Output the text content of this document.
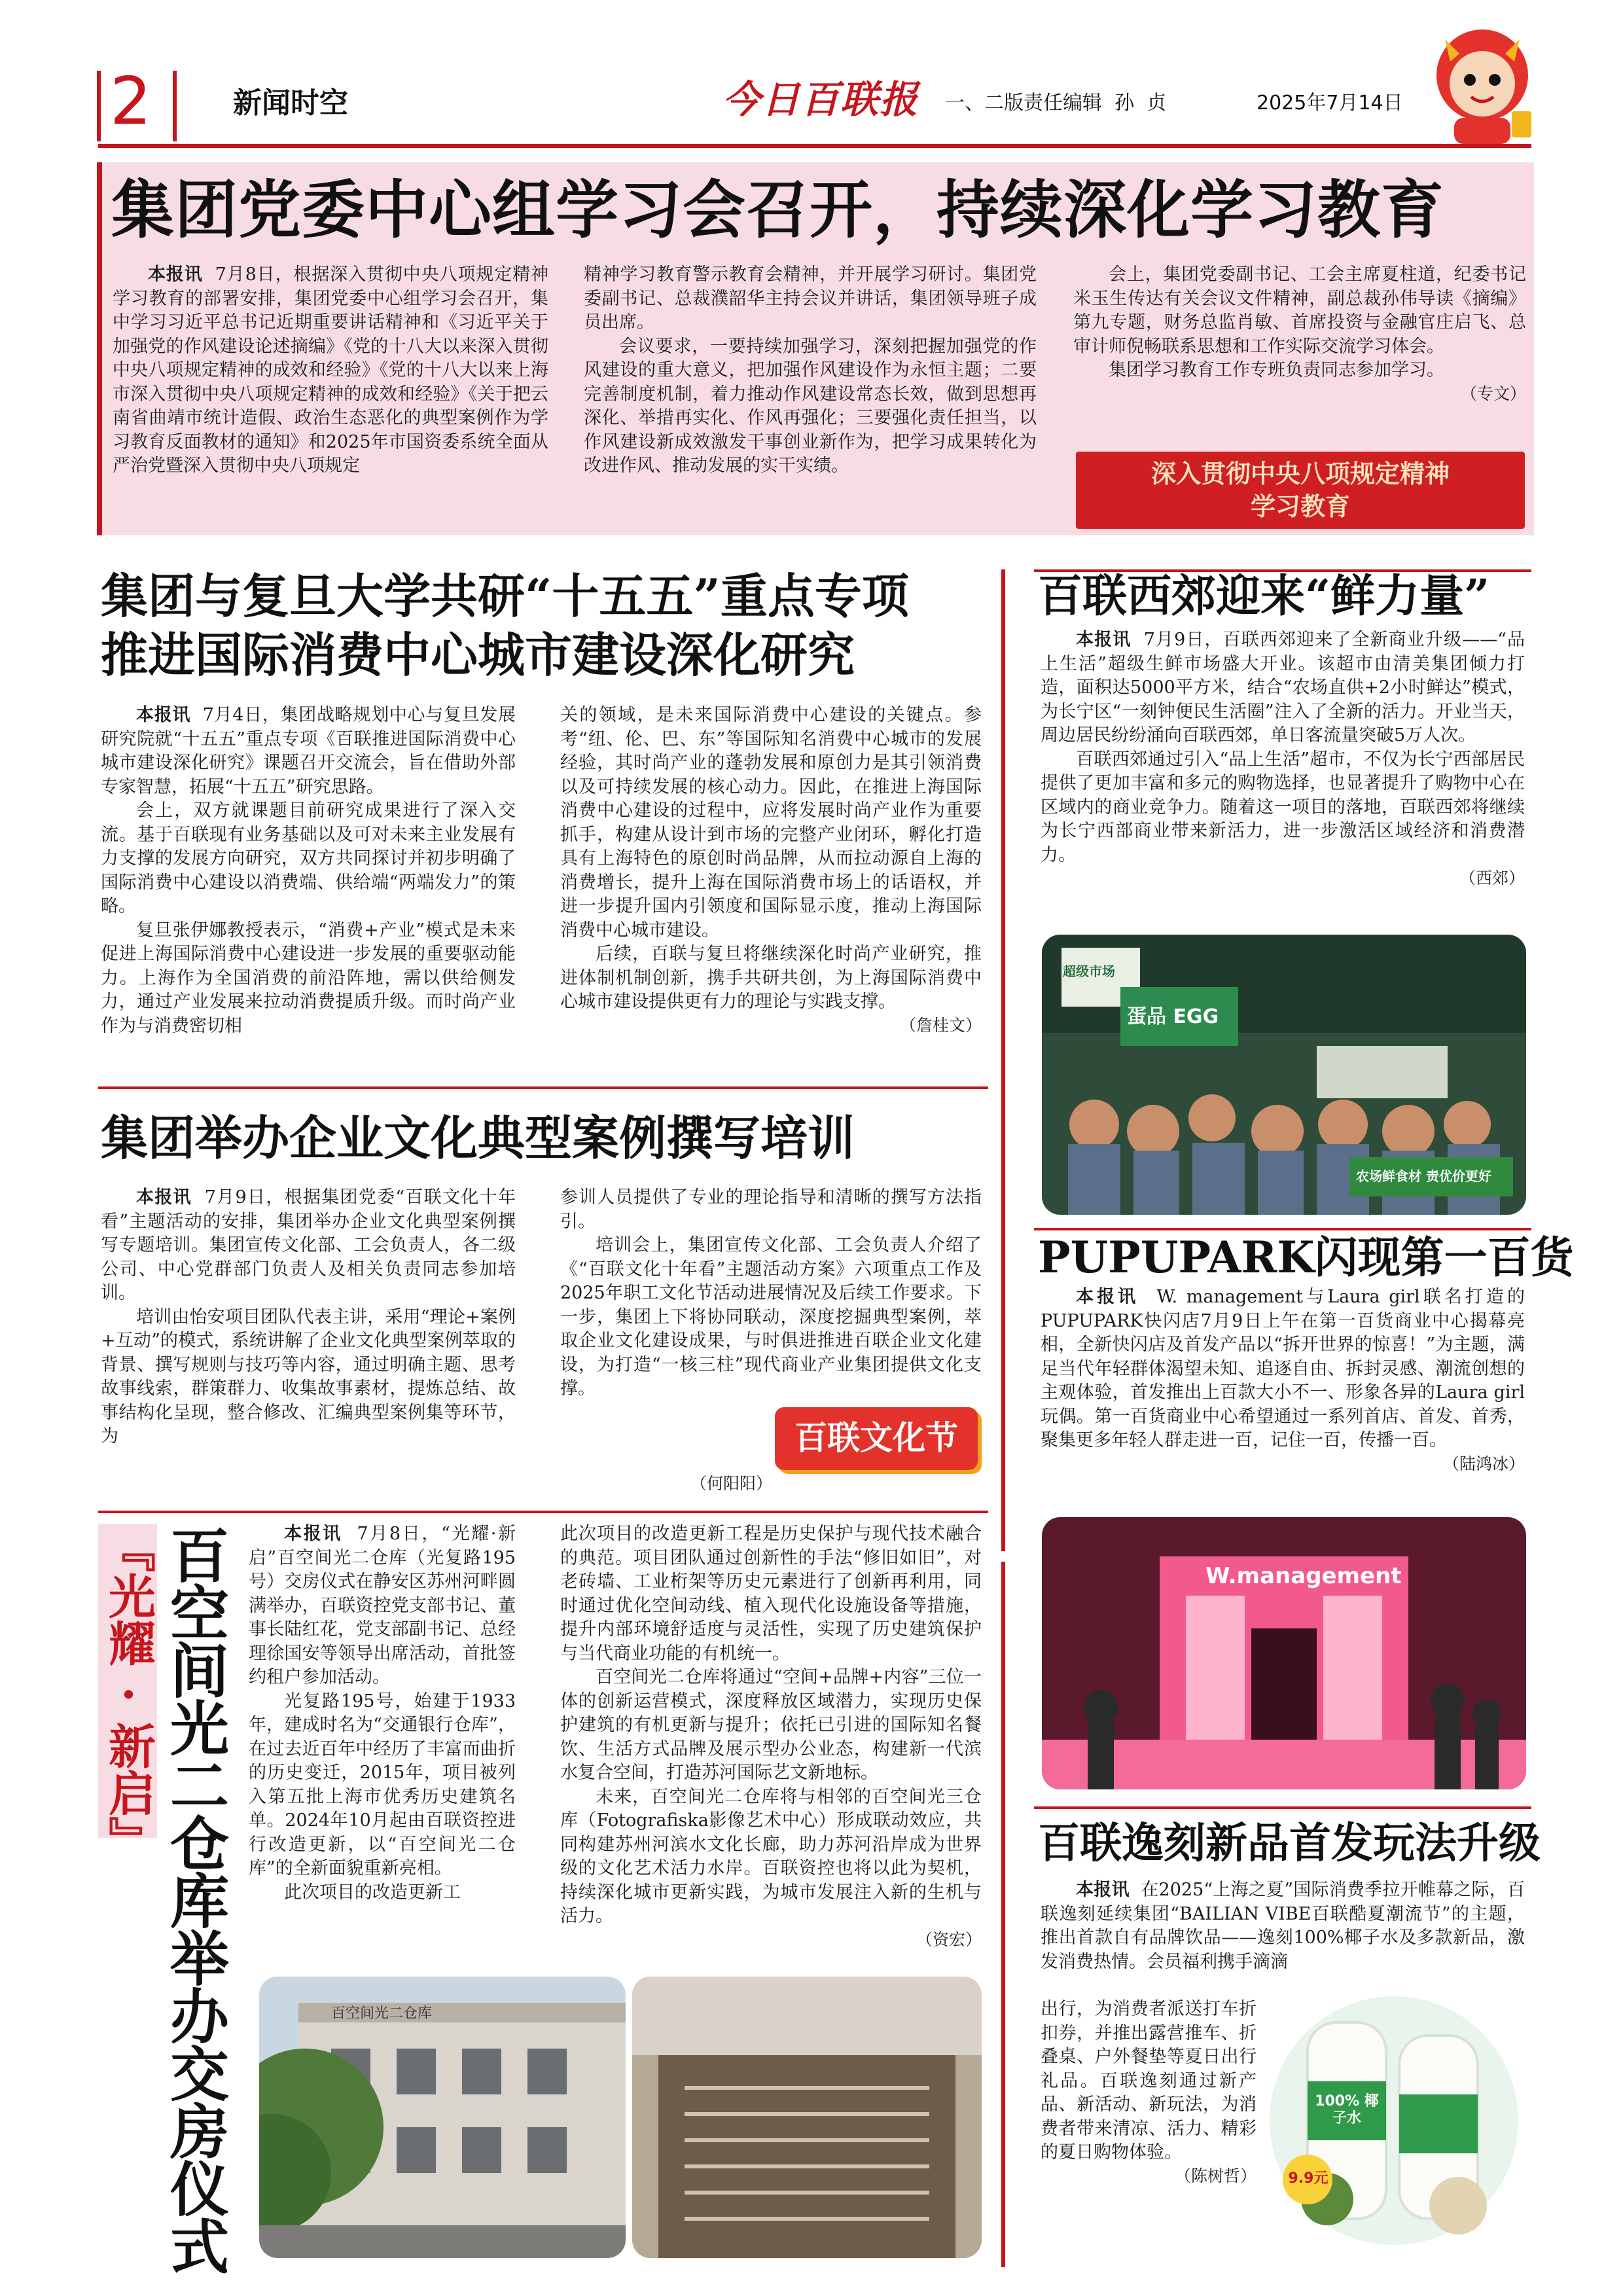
2	新闻时空	今日百联报 一、二版责任编辑  孙  贞	2025年7月14日
集团党委中心组学习会召开，持续深化学习教育

本报讯 7月8日，根据深入贯彻中央八项规定精神学习教育的部署安排，集团党委中心组学习会召开，集中学习习近平总书记近期重要讲话精神和《习近平关于加强党的作风建设论述摘编》《党的十八大以来深入贯彻中央八项规定精神的成效和经验》《党的十八大以来上海市深入贯彻中央八项规定精神的成效和经验》《关于把云南省曲靖市统计造假、政治生态恶化的典型案例作为学习教育反面教材的通知》和2025年市国资委系统全面从严治党暨深入贯彻中央八项规定

精神学习教育警示教育会精神，并开展学习研讨。集团党委副书记、总裁濮韶华主持会议并讲话，集团领导班子成员出席。

会议要求，一要持续加强学习，深刻把握加强党的作风建设的重大意义，把加强作风建设作为永恒主题；二要完善制度机制，着力推动作风建设常态长效，做到思想再深化、举措再实化、作风再强化；三要强化责任担当，以作风建设新成效激发干事创业新作为，把学习成果转化为改进作风、推动发展的实干实绩。

会上，集团党委副书记、工会主席夏柱道，纪委书记米玉生传达有关会议文件精神，副总裁孙伟导读《摘编》第九专题，财务总监肖敏、首席投资与金融官庄启飞、总审计师倪畅联系思想和工作实际交流学习体会。

集团学习教育工作专班负责同志参加学习。

（专文）
深入贯彻中央八项规定精神
学习教育
集团与复旦大学共研“十五五”重点专项
推进国际消费中心城市建设深化研究

本报讯 7月4日，集团战略规划中心与复旦发展研究院就“十五五”重点专项《百联推进国际消费中心城市建设深化研究》课题召开交流会，旨在借助外部专家智慧，拓展“十五五”研究思路。

会上，双方就课题目前研究成果进行了深入交流。基于百联现有业务基础以及可对未来主业发展有力支撑的发展方向研究，双方共同探讨并初步明确了国际消费中心建设以消费端、供给端“两端发力”的策略。

复旦张伊娜教授表示，“消费+产业”模式是未来促进上海国际消费中心建设进一步发展的重要驱动能力。上海作为全国消费的前沿阵地，需以供给侧发力，通过产业发展来拉动消费提质升级。而时尚产业作为与消费密切相

关的领域，是未来国际消费中心建设的关键点。参考“纽、伦、巴、东”等国际知名消费中心城市的发展经验，其时尚产业的蓬勃发展和原创力是其引领消费以及可持续发展的核心动力。因此，在推进上海国际消费中心建设的过程中，应将发展时尚产业作为重要抓手，构建从设计到市场的完整产业闭环，孵化打造具有上海特色的原创时尚品牌，从而拉动源自上海的消费增长，提升上海在国际消费市场上的话语权，并进一步提升国内引领度和国际显示度，推动上海国际消费中心城市建设。

后续，百联与复旦将继续深化时尚产业研究，推进体制机制创新，携手共研共创，为上海国际消费中心城市建设提供更有力的理论与实践支撑。

（詹桂文）
集团举办企业文化典型案例撰写培训

本报讯 7月9日，根据集团党委“百联文化十年看”主题活动的安排，集团举办企业文化典型案例撰写专题培训。集团宣传文化部、工会负责人，各二级公司、中心党群部门负责人及相关负责同志参加培训。

培训由怡安项目团队代表主讲，采用“理论+案例+互动”的模式，系统讲解了企业文化典型案例萃取的背景、撰写规则与技巧等内容，通过明确主题、思考故事线索，群策群力、收集故事素材，提炼总结、故事结构化呈现，整合修改、汇编典型案例集等环节，为

参训人员提供了专业的理论指导和清晰的撰写方法指引。

培训会上，集团宣传文化部、工会负责人介绍了《“百联文化十年看”主题活动方案》六项重点工作及2025年职工文化节活动进展情况及后续工作要求。下一步，集团上下将协同联动，深度挖掘典型案例，萃取企业文化建设成果，与时俱进推进百联企业文化建设，为打造“一核三柱”现代商业产业集团提供文化支撑。

百联文化节
（何阳阳）
『光耀·新启』 百空间光二仓库举办交房仪式	本报讯 7月8日，“光耀·新启”百空间光二仓库（光复路195号）交房仪式在静安区苏州河畔圆满举办，百联资控党支部书记、董事长陆红花，党支部副书记、总经理徐国安等领导出席活动，首批签约租户参加活动。

光复路195号，始建于1933年，建成时名为“交通银行仓库”，在过去近百年中经历了丰富而曲折的历史变迁，2015年，项目被列入第五批上海市优秀历史建筑名单。2024年10月起由百联资控进行改造更新，以“百空间光二仓库”的全新面貌重新亮相。

此次项目的改造更新工

此次项目的改造更新工程是历史保护与现代技术融合的典范。项目团队通过创新性的手法“修旧如旧”，对老砖墙、工业桁架等历史元素进行了创新再利用，同时通过优化空间动线、植入现代化设施设备等措施，提升内部环境舒适度与灵活性，实现了历史建筑保护与当代商业功能的有机统一。

百空间光二仓库将通过“空间+品牌+内容”三位一体的创新运营模式，深度释放区域潜力，实现历史保护建筑的有机更新与提升；依托已引进的国际知名餐饮、生活方式品牌及展示型办公业态，构建新一代滨水复合空间，打造苏河国际艺文新地标。

未来，百空间光二仓库将与相邻的百空间光三仓库（Fotografiska影像艺术中心）形成联动效应，共同构建苏州河滨水文化长廊，助力苏河沿岸成为世界级的文化艺术活力水岸。百联资控也将以此为契机，持续深化城市更新实践，为城市发展注入新的生机与活力。

（资宏）
百空间光二仓库
百联西郊迎来“鲜力量”

本报讯 7月9日，百联西郊迎来了全新商业升级——“品上生活”超级生鲜市场盛大开业。该超市由清美集团倾力打造，面积达5000平方米，结合“农场直供+2小时鲜达”模式，为长宁区“一刻钟便民生活圈”注入了全新的活力。开业当天，周边居民纷纷涌向百联西郊，单日客流量突破5万人次。

百联西郊通过引入“品上生活”超市，不仅为长宁西部居民提供了更加丰富和多元的购物选择，也显著提升了购物中心在区域内的商业竞争力。随着这一项目的落地，百联西郊将继续为长宁西部商业带来新活力，进一步激活区域经济和消费潜力。

（西郊）
超级市场
蛋品 EGG
农场鲜食材 责优价更好
PUPUPARK闪现第一百货

本报讯 W. management与Laura girl联名打造的PUPUPARK快闪店7月9日上午在第一百货商业中心揭幕亮相，全新快闪店及首发产品以“拆开世界的惊喜！”为主题，满足当代年轻群体渴望未知、追逐自由、拆封灵感、潮流创想的主观体验，首发推出上百款大小不一、形象各异的Laura girl玩偶。第一百货商业中心希望通过一系列首店、首发、首秀，聚集更多年轻人群走进一百，记住一百，传播一百。

（陆鸿冰）
W.management
百联逸刻新品首发玩法升级

本报讯  在2025“上海之夏”国际消费季拉开帷幕之际，百联逸刻延续集团“BAILIAN VIBE百联酷夏潮流节”的主题，推出首款自有品牌饮品——逸刻100%椰子水及多款新品，激发消费热情。会员福利携手滴滴

出行，为消费者派送打车折扣券，并推出露营推车、折叠桌、户外餐垫等夏日出行礼品。百联逸刻通过新产品、新活动、新玩法，为消费者带来清凉、活力、精彩的夏日购物体验。

（陈树哲）
100% 椰子水
9.9元
